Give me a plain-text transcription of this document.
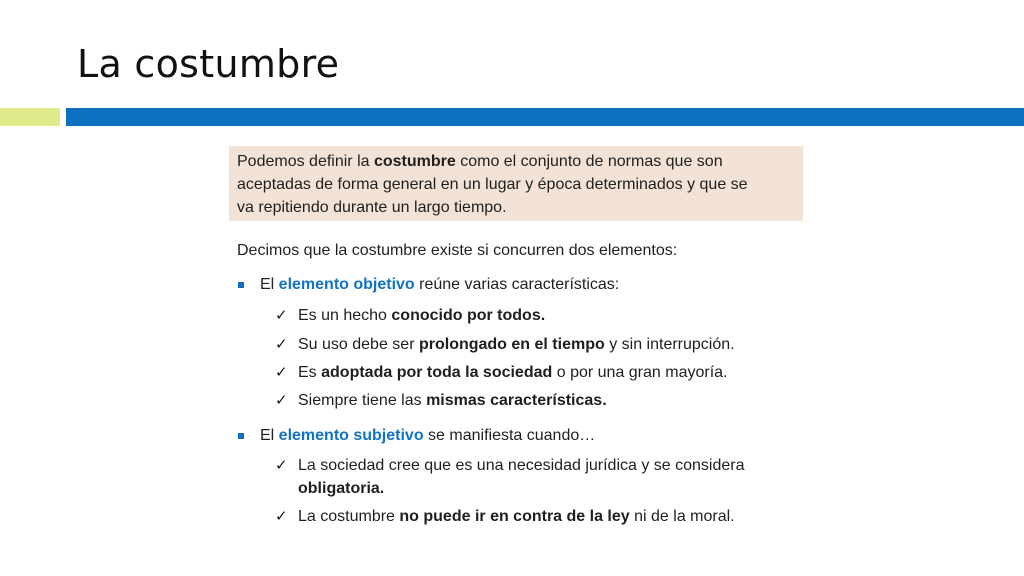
La costumbre
Podemos definir la costumbre como el conjunto de normas que son
aceptadas de forma general en un lugar y época determinados y que se
va repitiendo durante un largo tiempo.
Decimos que la costumbre existe si concurren dos elementos:
El elemento objetivo reúne varias características:
✓ Es un hecho conocido por todos.
✓ Su uso debe ser prolongado en el tiempo y sin interrupción.
✓ Es adoptada por toda la sociedad o por una gran mayoría.
✓ Siempre tiene las mismas características.
El elemento subjetivo se manifiesta cuando…
✓ La sociedad cree que es una necesidad jurídica y se considera
obligatoria.
✓ La costumbre no puede ir en contra de la ley ni de la moral.
